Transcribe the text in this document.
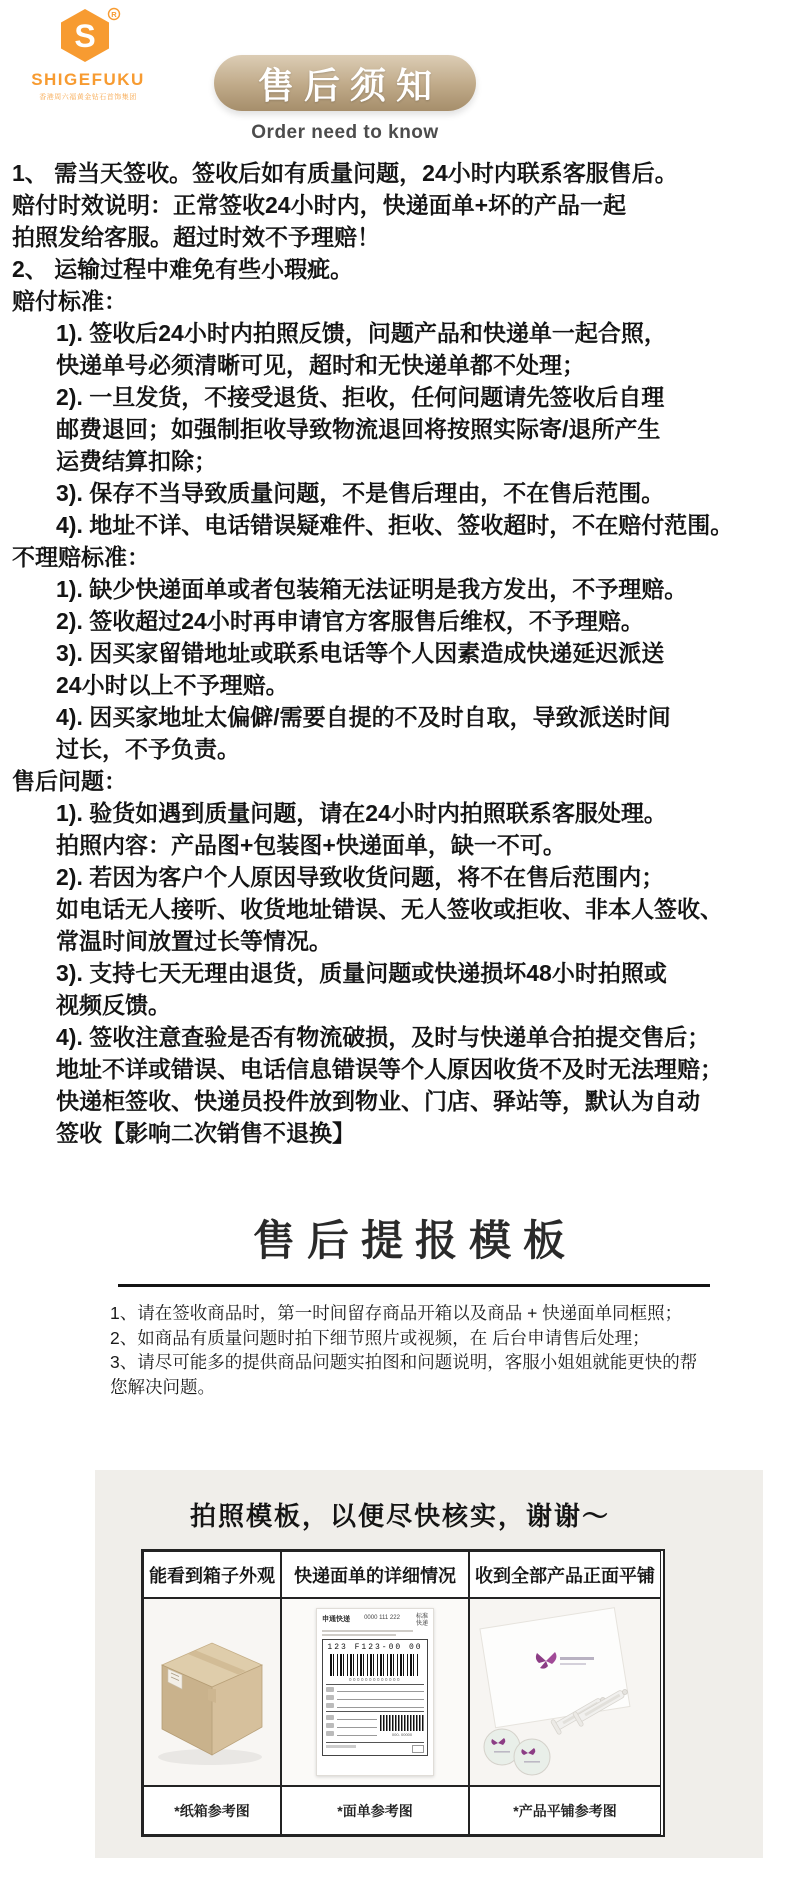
S
R
SHIGEFUKU
香港周六福黄金钻石首饰集团	售后须知
Order need to know
1、 需当天签收。签收后如有质量问题，24小时内联系客服售后。
赔付时效说明：正常签收24小时内，快递面单+坏的产品一起
拍照发给客服。超过时效不予理赔！
2、 运输过程中难免有些小瑕疵。
赔付标准：
1). 签收后24小时内拍照反馈，问题产品和快递单一起合照，
快递单号必须清晰可见，超时和无快递单都不处理；
2). 一旦发货，不接受退货、拒收，任何问题请先签收后自理
邮费退回；如强制拒收导致物流退回将按照实际寄/退所产生
运费结算扣除；
3). 保存不当导致质量问题，不是售后理由，不在售后范围。
4). 地址不详、电话错误疑难件、拒收、签收超时，不在赔付范围。
不理赔标准：
1). 缺少快递面单或者包装箱无法证明是我方发出，不予理赔。
2). 签收超过24小时再申请官方客服售后维权，不予理赔。
3). 因买家留错地址或联系电话等个人因素造成快递延迟派送
24小时以上不予理赔。
4). 因买家地址太偏僻/需要自提的不及时自取，导致派送时间
过长，不予负责。
售后问题：
1). 验货如遇到质量问题，请在24小时内拍照联系客服处理。
拍照内容：产品图+包装图+快递面单，缺一不可。
2). 若因为客户个人原因导致收货问题，将不在售后范围内；
如电话无人接听、收货地址错误、无人签收或拒收、非本人签收、
常温时间放置过长等情况。
3). 支持七天无理由退货，质量问题或快递损坏48小时拍照或
视频反馈。
4). 签收注意查验是否有物流破损，及时与快递单合拍提交售后；
地址不详或错误、电话信息错误等个人原因收货不及时无法理赔；
快递柜签收、快递员投件放到物业、门店、驿站等，默认为自动
签收【影响二次销售不退换】
售后提报模板
1、请在签收商品时，第一时间留存商品开箱以及商品 + 快递面单同框照；
2、如商品有质量问题时拍下细节照片或视频，在 后台申请售后处理；
3、请尽可能多的提供商品问题实拍图和问题说明，客服小姐姐就能更快的帮您解决问题。
拍照模板，以便尽快核实，谢谢～
能看到箱子外观	快递面单的详细情况	收到全部产品正面平铺
申通快递 0000 111 222	标准快递
123 F123-00 00
0000000000000
000- 00000
*纸箱参考图	*面单参考图	*产品平铺参考图
